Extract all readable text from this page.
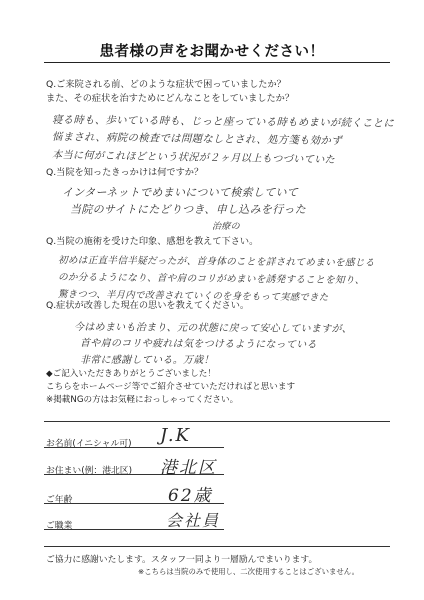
患者様の声をお聞かせください！
Q.ご来院される前、どのような症状で困っていましたか？
また、その症状を治すためにどんなことをしていましたか？
寝る時も、歩いている時も、じっと座っている時もめまいが続くことに
悩まされ、病院の検査では問題なしとされ、処方箋も効かず
本当に何がこれほどという状況が２ヶ月以上もつづいていた
Q.当院を知ったきっかけは何ですか？
インターネットでめまいについて検索していて
当院のサイトにたどりつき、申し込みを行った
治療の
Q.当院の施術を受けた印象、感想を教えて下さい。
初めは正直半信半疑だったが、首身体のことを詳されてめまいを感じる
のか分るようになり、首や肩のコリがめまいを誘発することを知り、
驚きつつ、半月内で改善されていくのを身をもって実感できた
Q.症状が改善した現在の思いを教えてください。
今はめまいも治まり、元の状態に戻って安心していますが、
首や肩のコリや疲れは気をつけるようになっている
非常に感謝している。万歳！
◆ご記入いただきありがとうございました！
こちらをホームページ等でご紹介させていただければと思います
※掲載NGの方はお気軽におっしゃってください。
お名前(イニシャル可) J.K
お住まい(例：港北区) 港北区
ご年齢	62歳
ご職業	会社員
ご協力に感謝いたします。スタッフ一同より一層励んでまいります。
※こちらは当院のみで使用し、二次使用することはございません。
